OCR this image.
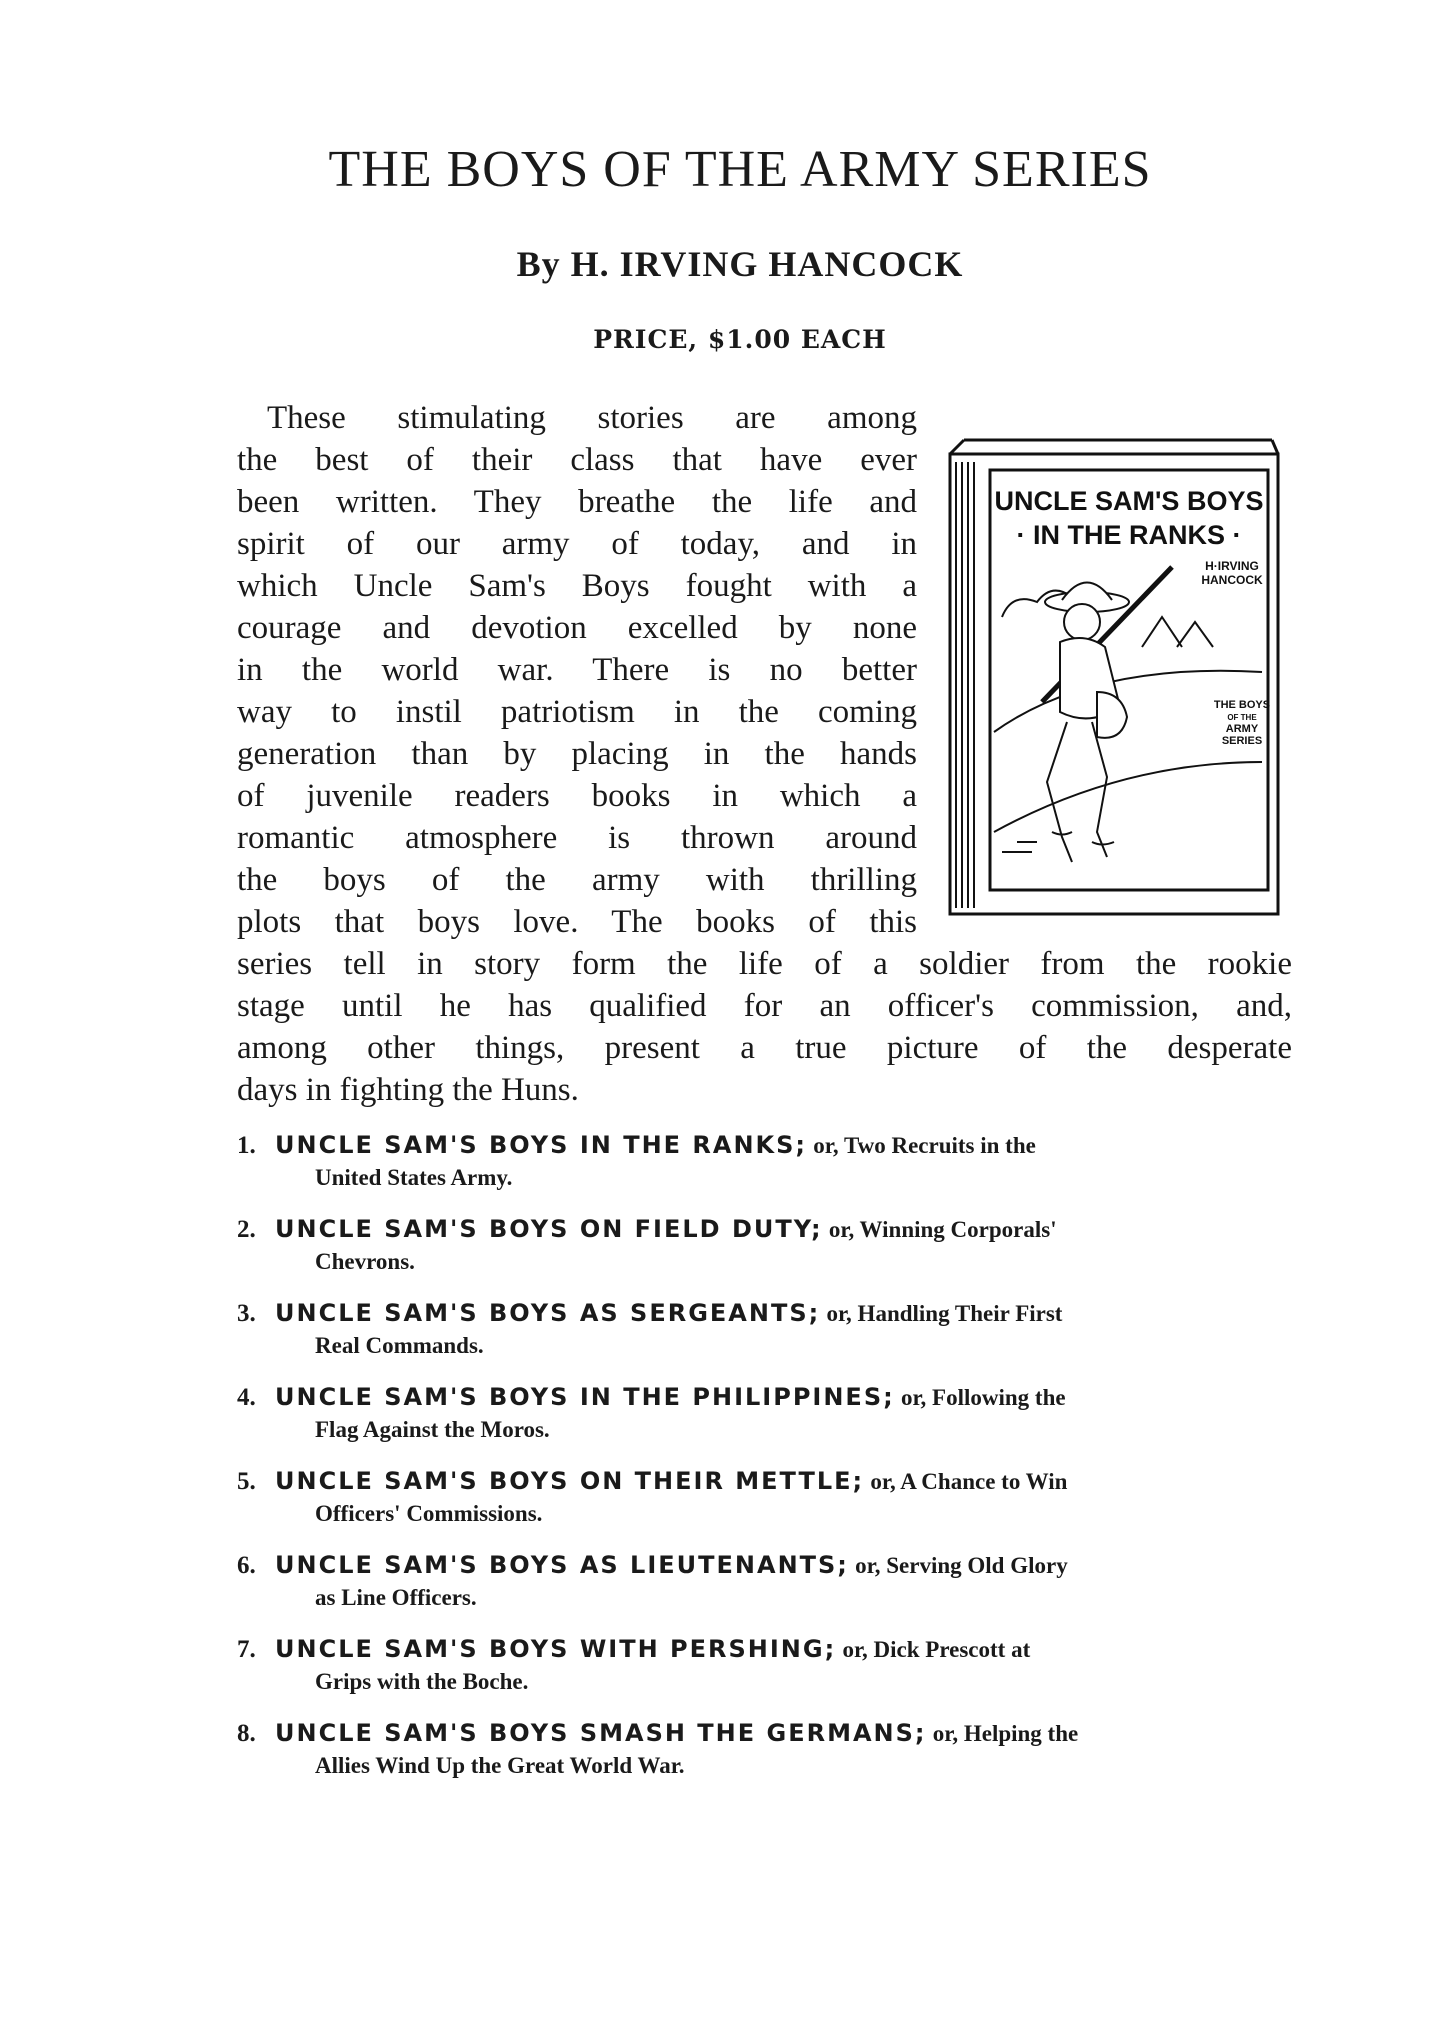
THE BOYS OF THE ARMY SERIES
By H. IRVING HANCOCK
PRICE, $1.00 EACH
These stimulating stories are among
the best of their class that have ever
been written. They breathe the life and
spirit of our army of today, and in
which Uncle Sam's Boys fought with a
courage and devotion excelled by none
in the world war. There is no better
way to instil patriotism in the coming
generation than by placing in the hands
of juvenile readers books in which a
romantic atmosphere is thrown around
the boys of the army with thrilling
plots that boys love. The books of this
series tell in story form the life of a soldier from the rookie
stage until he has qualified for an officer's commission, and,
among other things, present a true picture of the desperate
days in fighting the Huns.
UNCLE SAM'S BOYS
· IN THE RANKS ·
H·IRVING
HANCOCK
THE BOYS
OF THE
ARMY
SERIES
1. UNCLE SAM'S BOYS IN THE RANKS; or, Two Recruits in the
United States Army.
2. UNCLE SAM'S BOYS ON FIELD DUTY; or, Winning Corporals'
Chevrons.
3. UNCLE SAM'S BOYS AS SERGEANTS; or, Handling Their First
Real Commands.
4. UNCLE SAM'S BOYS IN THE PHILIPPINES; or, Following the
Flag Against the Moros.
5. UNCLE SAM'S BOYS ON THEIR METTLE; or, A Chance to Win
Officers' Commissions.
6. UNCLE SAM'S BOYS AS LIEUTENANTS; or, Serving Old Glory
as Line Officers.
7. UNCLE SAM'S BOYS WITH PERSHING; or, Dick Prescott at
Grips with the Boche.
8. UNCLE SAM'S BOYS SMASH THE GERMANS; or, Helping the
Allies Wind Up the Great World War.
